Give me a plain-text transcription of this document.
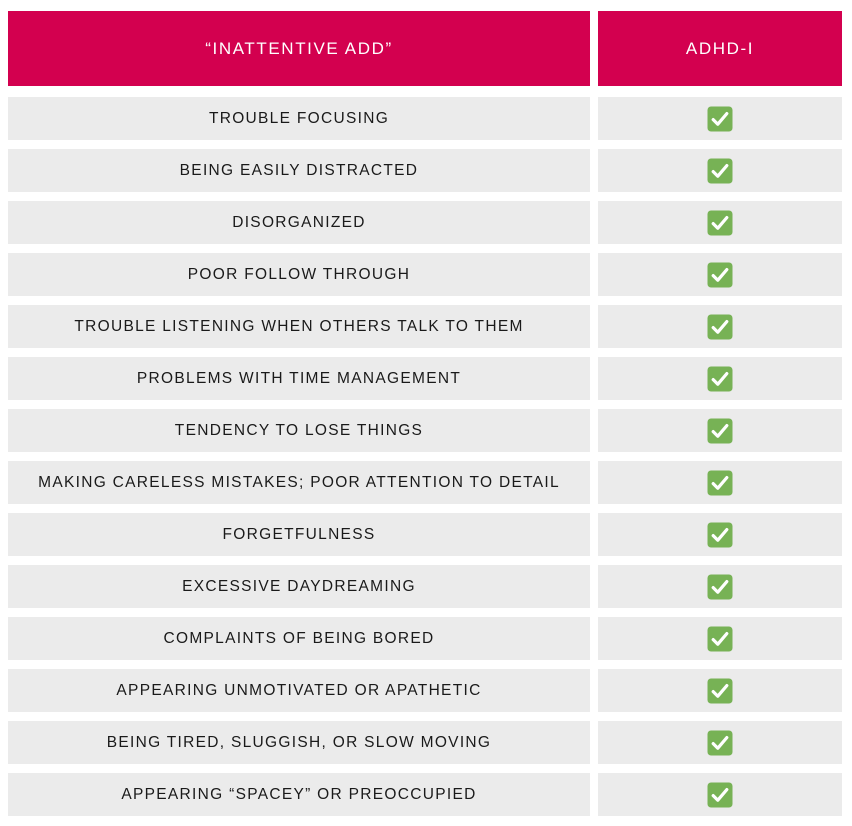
“INATTENTIVE ADD”	ADHD-I
TROUBLE FOCUSING
BEING EASILY DISTRACTED
DISORGANIZED
POOR FOLLOW THROUGH
TROUBLE LISTENING WHEN OTHERS TALK TO THEM
PROBLEMS WITH TIME MANAGEMENT
TENDENCY TO LOSE THINGS
MAKING CARELESS MISTAKES; POOR ATTENTION TO DETAIL
FORGETFULNESS
EXCESSIVE DAYDREAMING
COMPLAINTS OF BEING BORED
APPEARING UNMOTIVATED OR APATHETIC
BEING TIRED, SLUGGISH, OR SLOW MOVING
APPEARING “SPACEY” OR PREOCCUPIED
